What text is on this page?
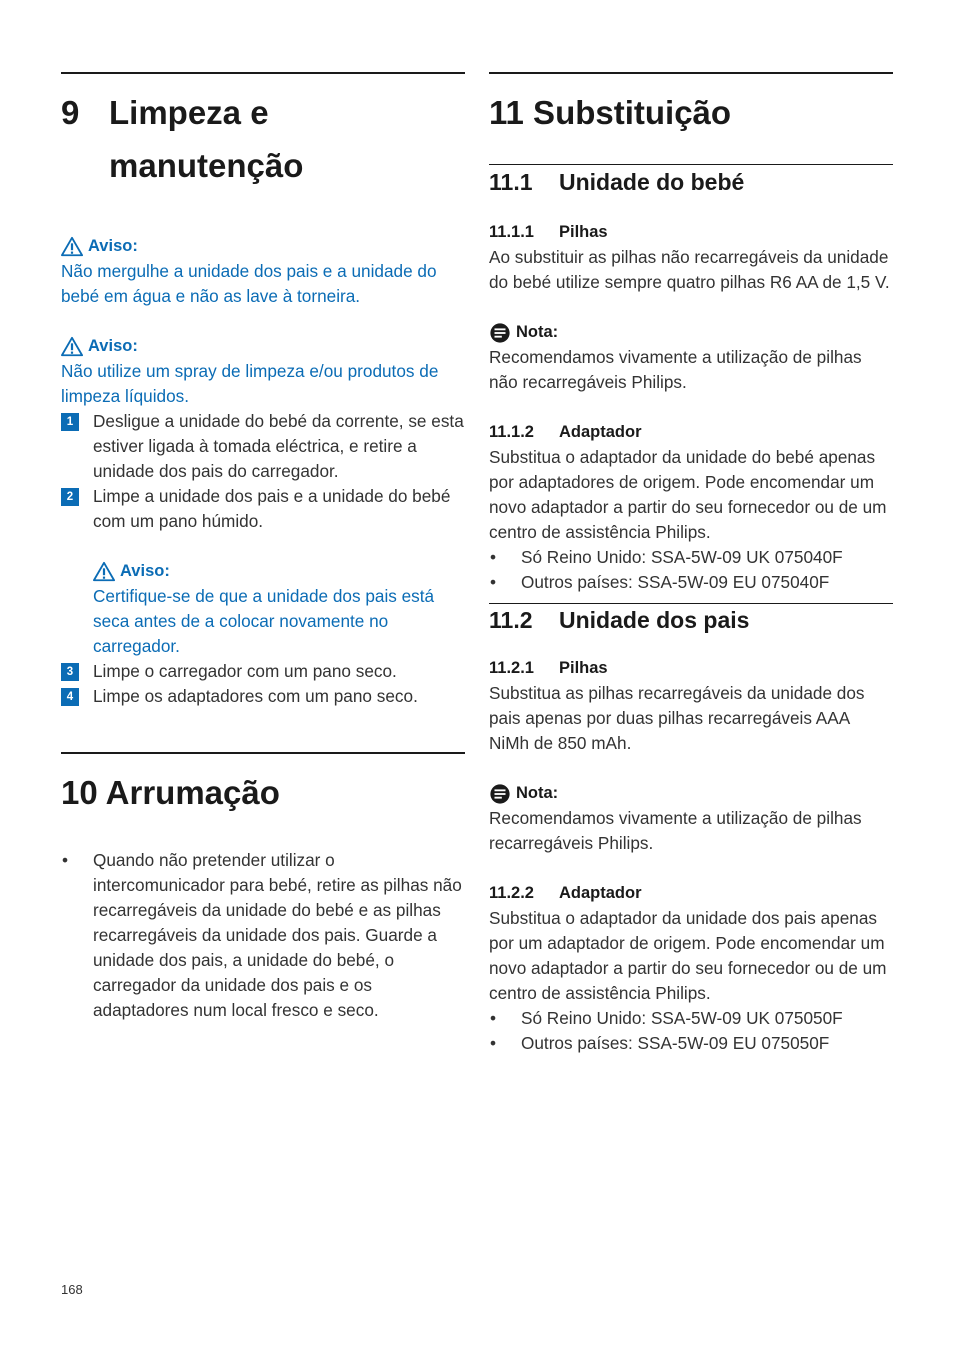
9 Limpeza e
manutenção
Aviso:
Não mergulhe a unidade dos pais e a unidade do bebé em água e não as lave à torneira.
Aviso:
Não utilize um spray de limpeza e/ou produtos de limpeza líquidos.
1	Desligue a unidade do bebé da corrente, se esta estiver ligada à tomada eléctrica, e retire a unidade dos pais do carregador.
2	Limpe a unidade dos pais e a unidade do bebé com um pano húmido.
Aviso:
Certifique-se de que a unidade dos pais está seca antes de a colocar novamente no carregador.
3	Limpe o carregador com um pano seco.
4	Limpe os adaptadores com um pano seco.
10 Arrumação
•	Quando não pretender utilizar o intercomunicador para bebé, retire as pilhas não recarregáveis da unidade do bebé e as pilhas recarregáveis da unidade dos pais. Guarde a unidade dos pais, a unidade do bebé, o carregador da unidade dos pais e os adaptadores num local fresco e seco.
11 Substituição
11.1 Unidade do bebé
11.1.1 Pilhas
Ao substituir as pilhas não recarregáveis da unidade do bebé utilize sempre quatro pilhas R6 AA de 1,5 V.
Nota:
Recomendamos vivamente a utilização de pilhas não recarregáveis Philips.
11.1.2 Adaptador
Substitua o adaptador da unidade do bebé apenas por adaptadores de origem. Pode encomendar um novo adaptador a partir do seu fornecedor ou de um centro de assistência Philips.
•	Só Reino Unido: SSA-5W-09 UK 075040F
•	Outros países: SSA-5W-09 EU 075040F
11.2 Unidade dos pais
11.2.1 Pilhas
Substitua as pilhas recarregáveis da unidade dos pais apenas por duas pilhas recarregáveis AAA NiMh de 850 mAh.
Nota:
Recomendamos vivamente a utilização de pilhas recarregáveis Philips.
11.2.2 Adaptador
Substitua o adaptador da unidade dos pais apenas por um adaptador de origem. Pode encomendar um novo adaptador a partir do seu fornecedor ou de um centro de assistência Philips.
•	Só Reino Unido: SSA-5W-09 UK 075050F
•	Outros países: SSA-5W-09 EU 075050F
168
